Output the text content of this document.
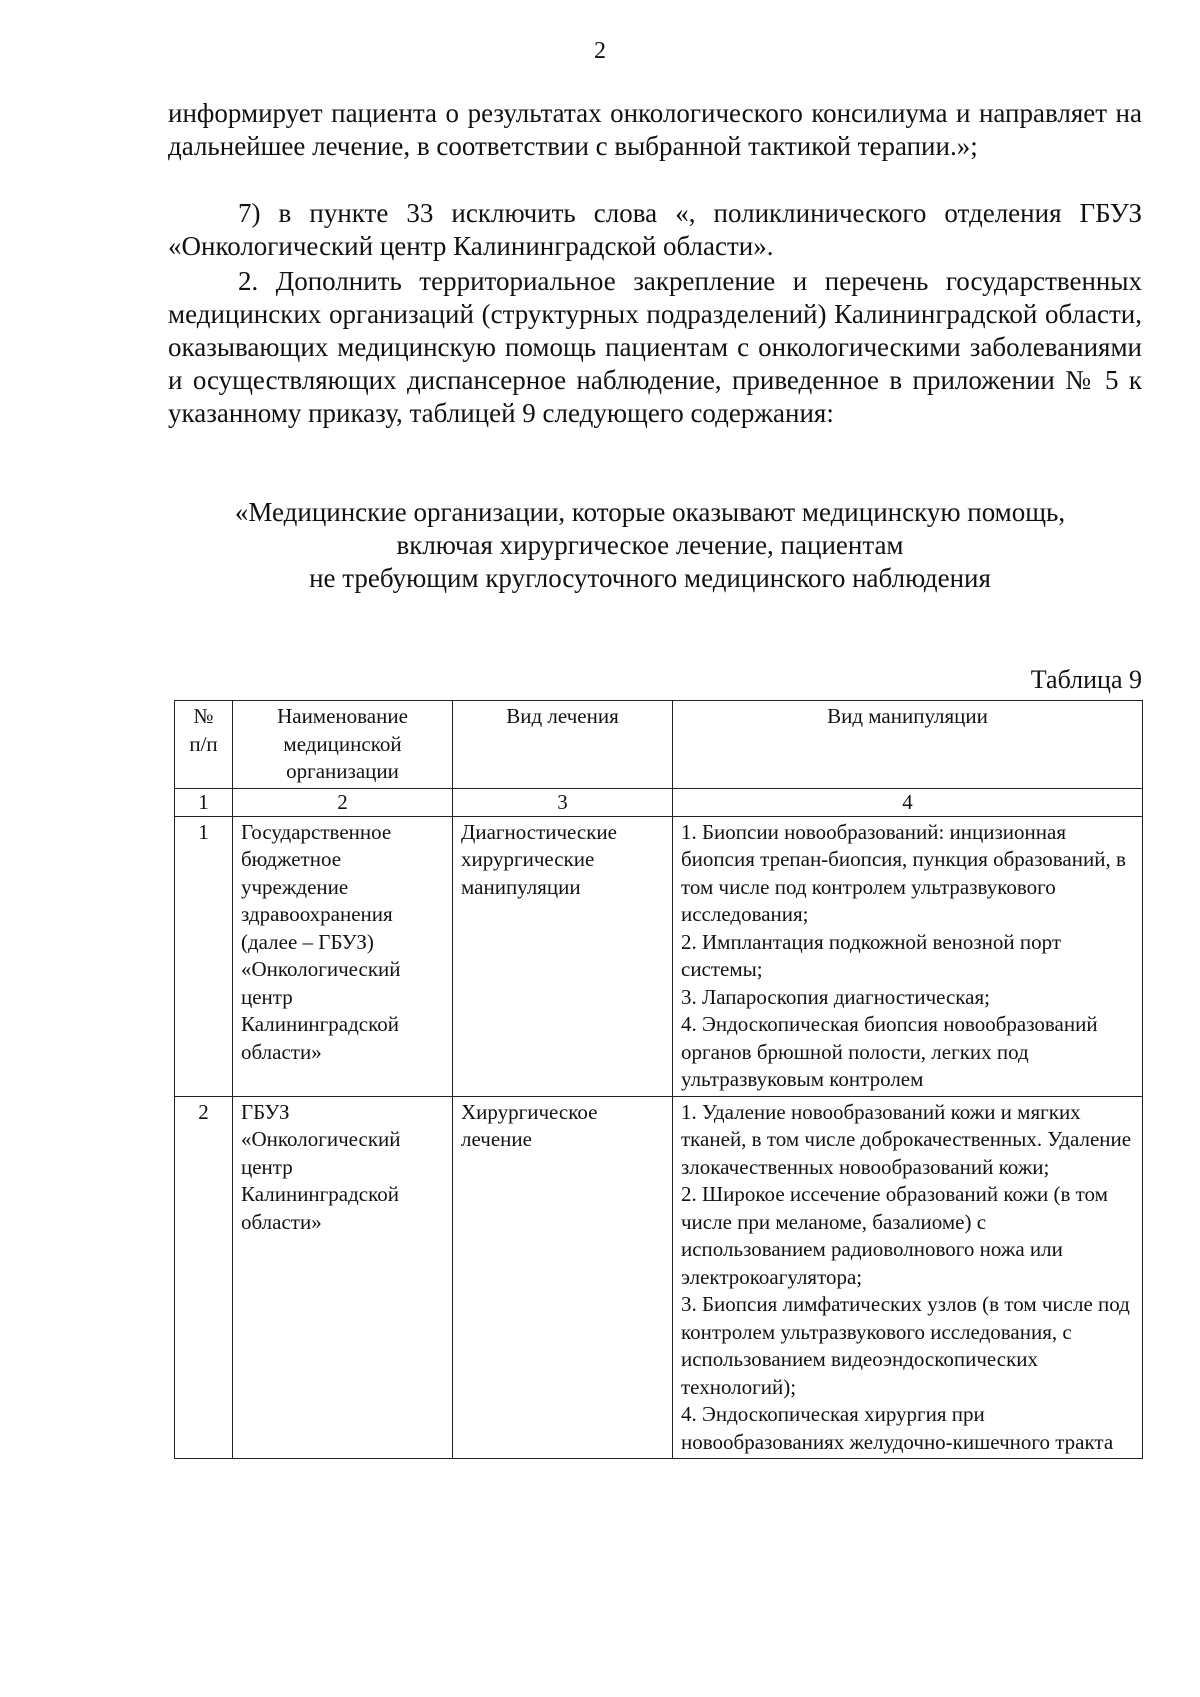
2
информирует пациента о результатах онкологического консилиума и направляет на дальнейшее лечение, в соответствии с выбранной тактикой терапии.»;
7) в пункте 33 исключить слова «, поликлинического отделения ГБУЗ «Онкологический центр Калининградской области».
2. Дополнить территориальное закрепление и перечень государственных медицинских организаций (структурных подразделений) Калининградской области, оказывающих медицинскую помощь пациентам с онкологическими заболеваниями и осуществляющих диспансерное наблюдение, приведенное в приложении № 5 к указанному приказу, таблицей 9 следующего содержания:
«Медицинские организации, которые оказывают медицинскую помощь,
включая хирургическое лечение, пациентам
не требующим круглосуточного медицинского наблюдения
Таблица 9
№ п/п	Наименование медицинской организации	Вид лечения	Вид манипуляции
1	2	3	4
1	Государственное бюджетное учреждение здравоохранения (далее – ГБУЗ) «Онкологический центр Калининградской области»	Диагностические хирургические манипуляции	1. Биопсии новообразований: инцизионная биопсия трепан-биопсия, пункция образований, в том числе под контролем ультразвукового исследования;
2. Имплантация подкожной венозной порт системы;
3. Лапароскопия диагностическая;
4. Эндоскопическая биопсия новообразований органов брюшной полости, легких под ультразвуковым контролем

2	ГБУЗ «Онкологический центр Калининградской области»	Хирургическое лечение	1. Удаление новообразований кожи и мягких тканей, в том числе доброкачественных. Удаление злокачественных новообразований кожи;
2. Широкое иссечение образований кожи (в том числе при меланоме, базалиоме) с использованием радиоволнового ножа или электрокоагулятора;
3. Биопсия лимфатических узлов (в том числе под контролем ультразвукового исследования, с использованием видеоэндоскопических технологий);
4. Эндоскопическая хирургия при новообразованиях желудочно-кишечного тракта
